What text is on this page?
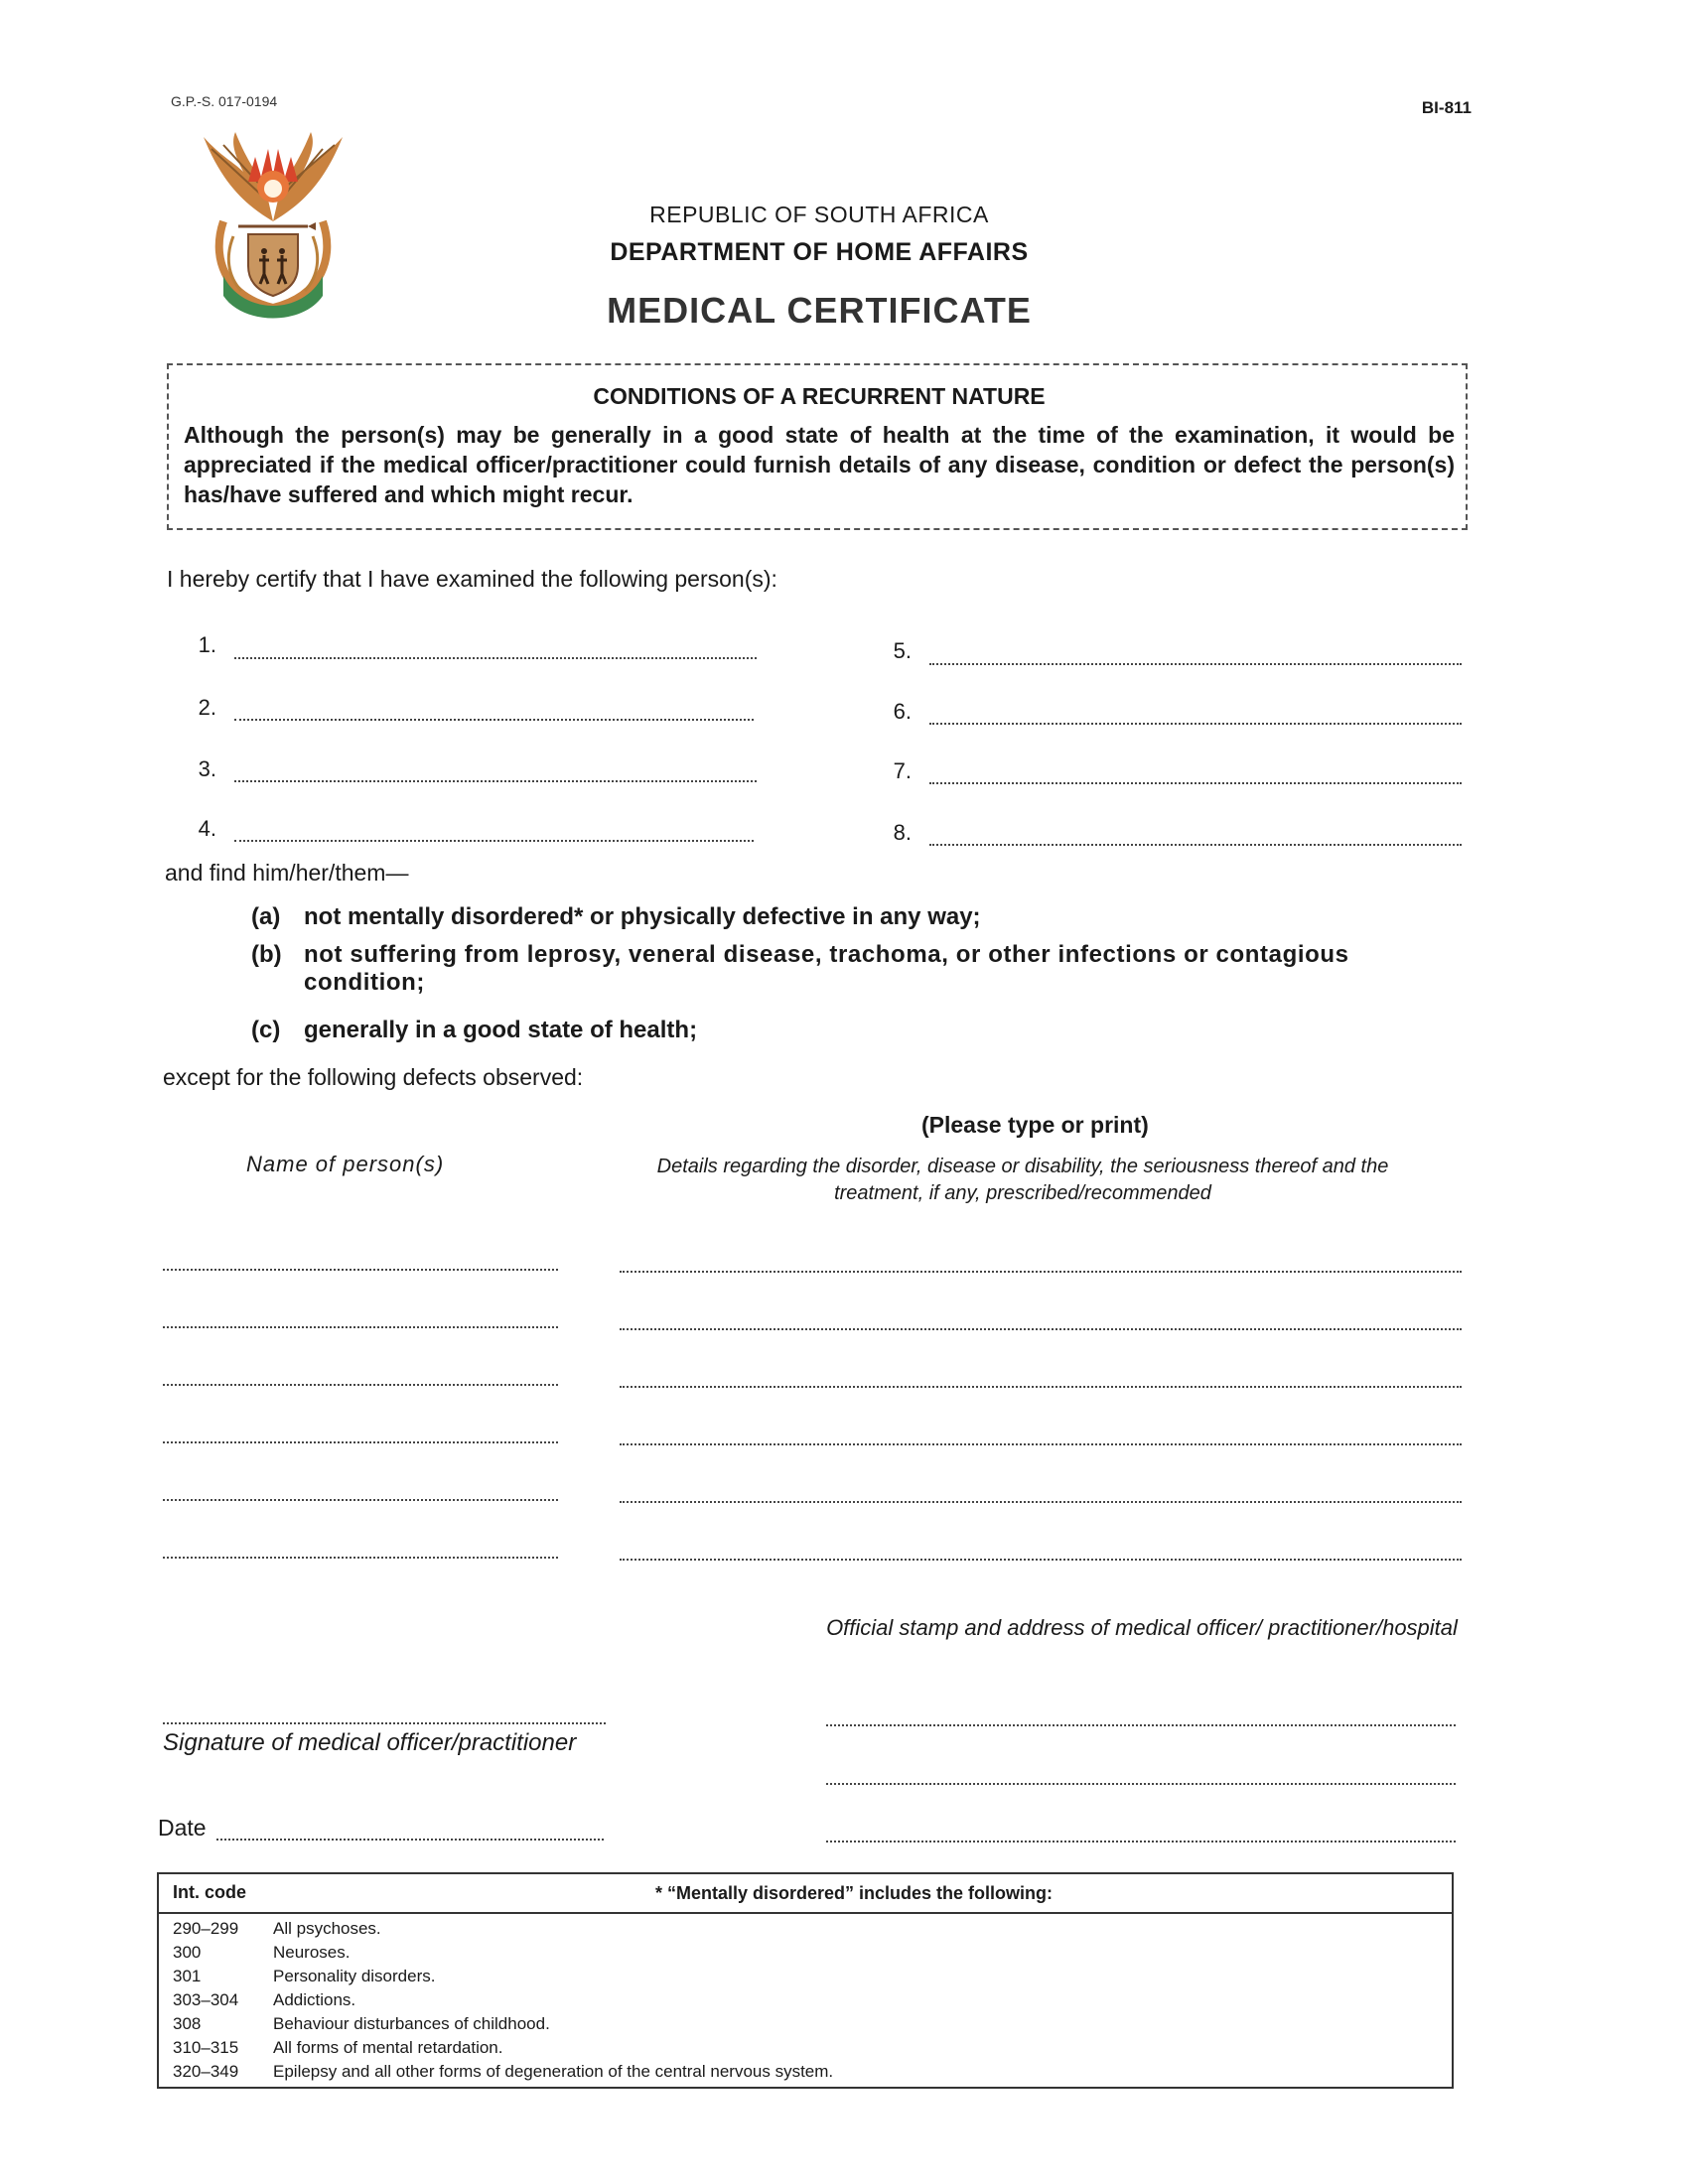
G.P.-S. 017-0194	BI-811
REPUBLIC OF SOUTH AFRICA
DEPARTMENT OF HOME AFFAIRS
MEDICAL CERTIFICATE
CONDITIONS OF A RECURRENT NATURE
Although the person(s) may be generally in a good state of health at the time of the examination, it would be appreciated if the medical officer/practitioner could furnish details of any disease, condition or defect the person(s) has/have suffered and which might recur.
I hereby certify that I have examined the following person(s):
1.
2.
3.
4.
5.
6.
7.
8.
and find him/her/them—
(a) not mentally disordered* or physically defective in any way;
(b) not suffering from leprosy, veneral disease, trachoma, or other infections or contagious condition;
(c) generally in a good state of health;
except for the following defects observed:
(Please type or print)
Name of person(s)	Details regarding the disorder, disease or disability, the seriousness thereof and the treatment, if any, prescribed/recommended
Official stamp and address of medical officer/ practitioner/hospital
Signature of medical officer/practitioner
Date
Int. code	* “Mentally disordered” includes the following:
290–299 All psychoses.
300	Neuroses.
301	Personality disorders.
303–304 Addictions.
308	Behaviour disturbances of childhood.
310–315 All forms of mental retardation.
320–349 Epilepsy and all other forms of degeneration of the central nervous system.
